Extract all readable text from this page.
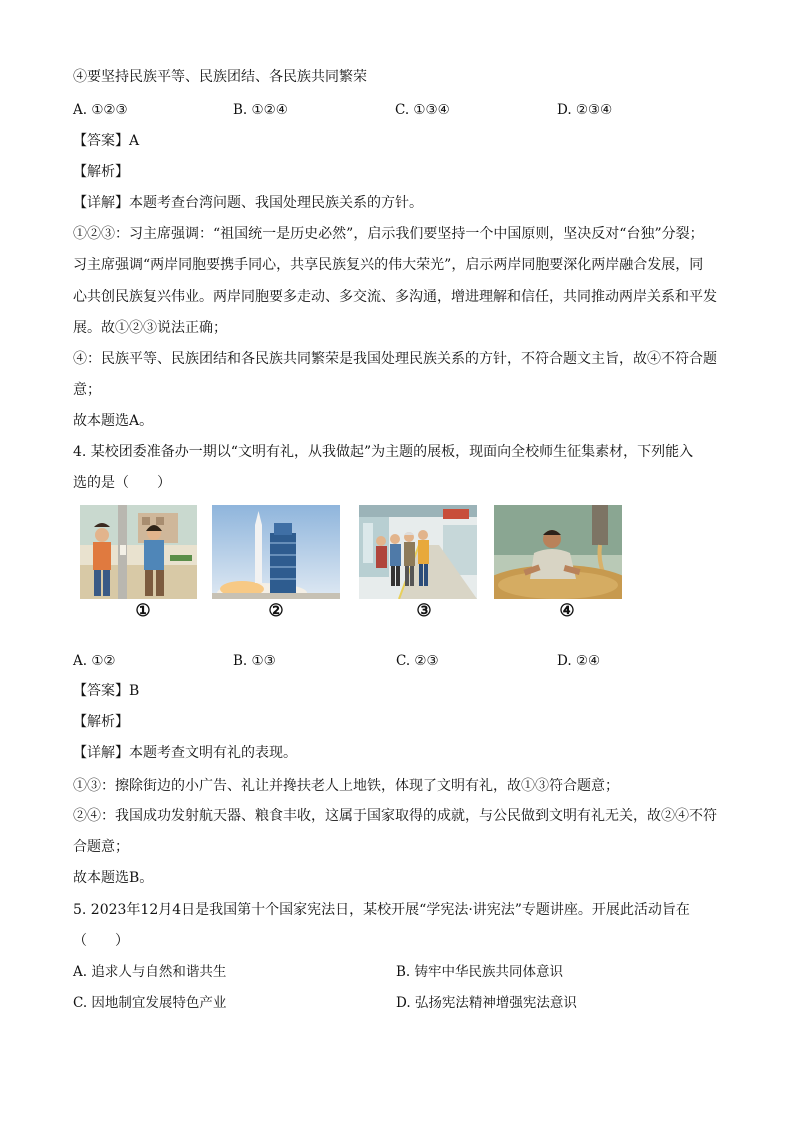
④要坚持民族平等、民族团结、各民族共同繁荣
A. ①②③	B. ①②④	C. ①③④	D. ②③④
【答案】A
【解析】
【详解】本题考查台湾问题、我国处理民族关系的方针。
①②③：习主席强调：“祖国统一是历史必然”，启示我们要坚持一个中国原则，坚决反对“台独”分裂；
习主席强调“两岸同胞要携手同心，共享民族复兴的伟大荣光”，启示两岸同胞要深化两岸融合发展，同
心共创民族复兴伟业。两岸同胞要多走动、多交流、多沟通，增进理解和信任，共同推动两岸关系和平发
展。故①②③说法正确；
④：民族平等、民族团结和各民族共同繁荣是我国处理民族关系的方针，不符合题文主旨，故④不符合题
意；
故本题选A。
4. 某校团委准备办一期以“文明有礼，从我做起”为主题的展板，现面向全校师生征集素材，下列能入
选的是（　　）
①	②	③	④
A. ①②	B. ①③	C. ②③	D. ②④
【答案】B
【解析】
【详解】本题考查文明有礼的表现。
①③：擦除街边的小广告、礼让并搀扶老人上地铁，体现了文明有礼，故①③符合题意；
②④：我国成功发射航天器、粮食丰收，这属于国家取得的成就，与公民做到文明有礼无关，故②④不符
合题意；
故本题选B。
5. 2023年12月4日是我国第十个国家宪法日，某校开展“学宪法·讲宪法”专题讲座。开展此活动旨在
（　　）
A. 追求人与自然和谐共生	B. 铸牢中华民族共同体意识
C. 因地制宜发展特色产业	D. 弘扬宪法精神增强宪法意识
